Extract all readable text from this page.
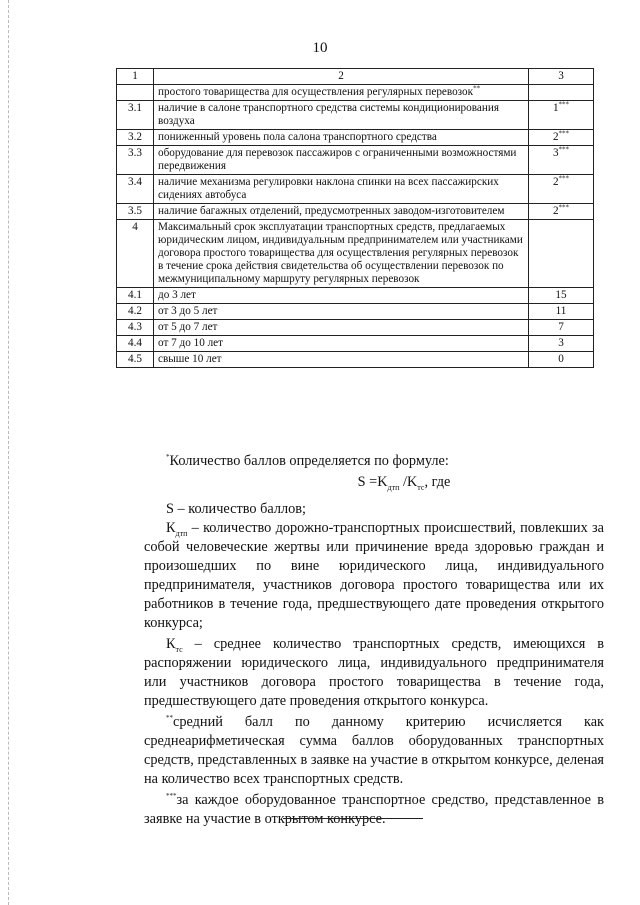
10
1	2	3
	простого товарищества для осуществления регулярных перевозок**	
3.1	наличие в салоне транспортного средства системы кондиционирования воздуха	1***
3.2	пониженный уровень пола салона транспортного средства	2***
3.3	оборудование для перевозок пассажиров с ограниченными возможностями передвижения	3***
3.4	наличие механизма регулировки наклона спинки на всех пассажирских сидениях автобуса	2***
3.5	наличие багажных отделений, предусмотренных заводом-изготовителем	2***
4	Максимальный срок эксплуатации транспортных средств, предлагаемых юридическим лицом, индивидуальным предпринимателем или участниками договора простого товарищества для осуществления регулярных перевозок в течение срока действия свидетельства об осуществлении перевозок по межмуниципальному маршруту регулярных перевозок	
4.1	до 3 лет	15
4.2	от 3 до 5 лет	11
4.3	от 5 до 7 лет	7
4.4	от 7 до 10 лет	3
4.5	свыше 10 лет	0

*Количество баллов определяется по формуле:

$S =K_{дтп}$ $/K_{тс}$, где

S – количество баллов;

$К_{дтп}$ – количество дорожно-транспортных происшествий, повлекших за собой человеческие жертвы или причинение вреда здоровью граждан и произошедших по вине юридического лица, индивидуального предпринимателя, участников договора простого товарищества или их работников в течение года, предшествующего дате проведения открытого конкурса;

$К_{тс}$ – среднее количество транспортных средств, имеющихся в распоряжении юридического лица, индивидуального предпринимателя или участников договора простого товарищества в течение года, предшествующего дате проведения открытого конкурса.

**средний балл по данному критерию исчисляется как среднеарифметическая сумма баллов оборудованных транспортных средств, представленных в заявке на участие в открытом конкурсе, деленая на количество всех транспортных средств.

***за каждое оборудованное транспортное средство, представленное в заявке на участие в открытом конкурсе.
